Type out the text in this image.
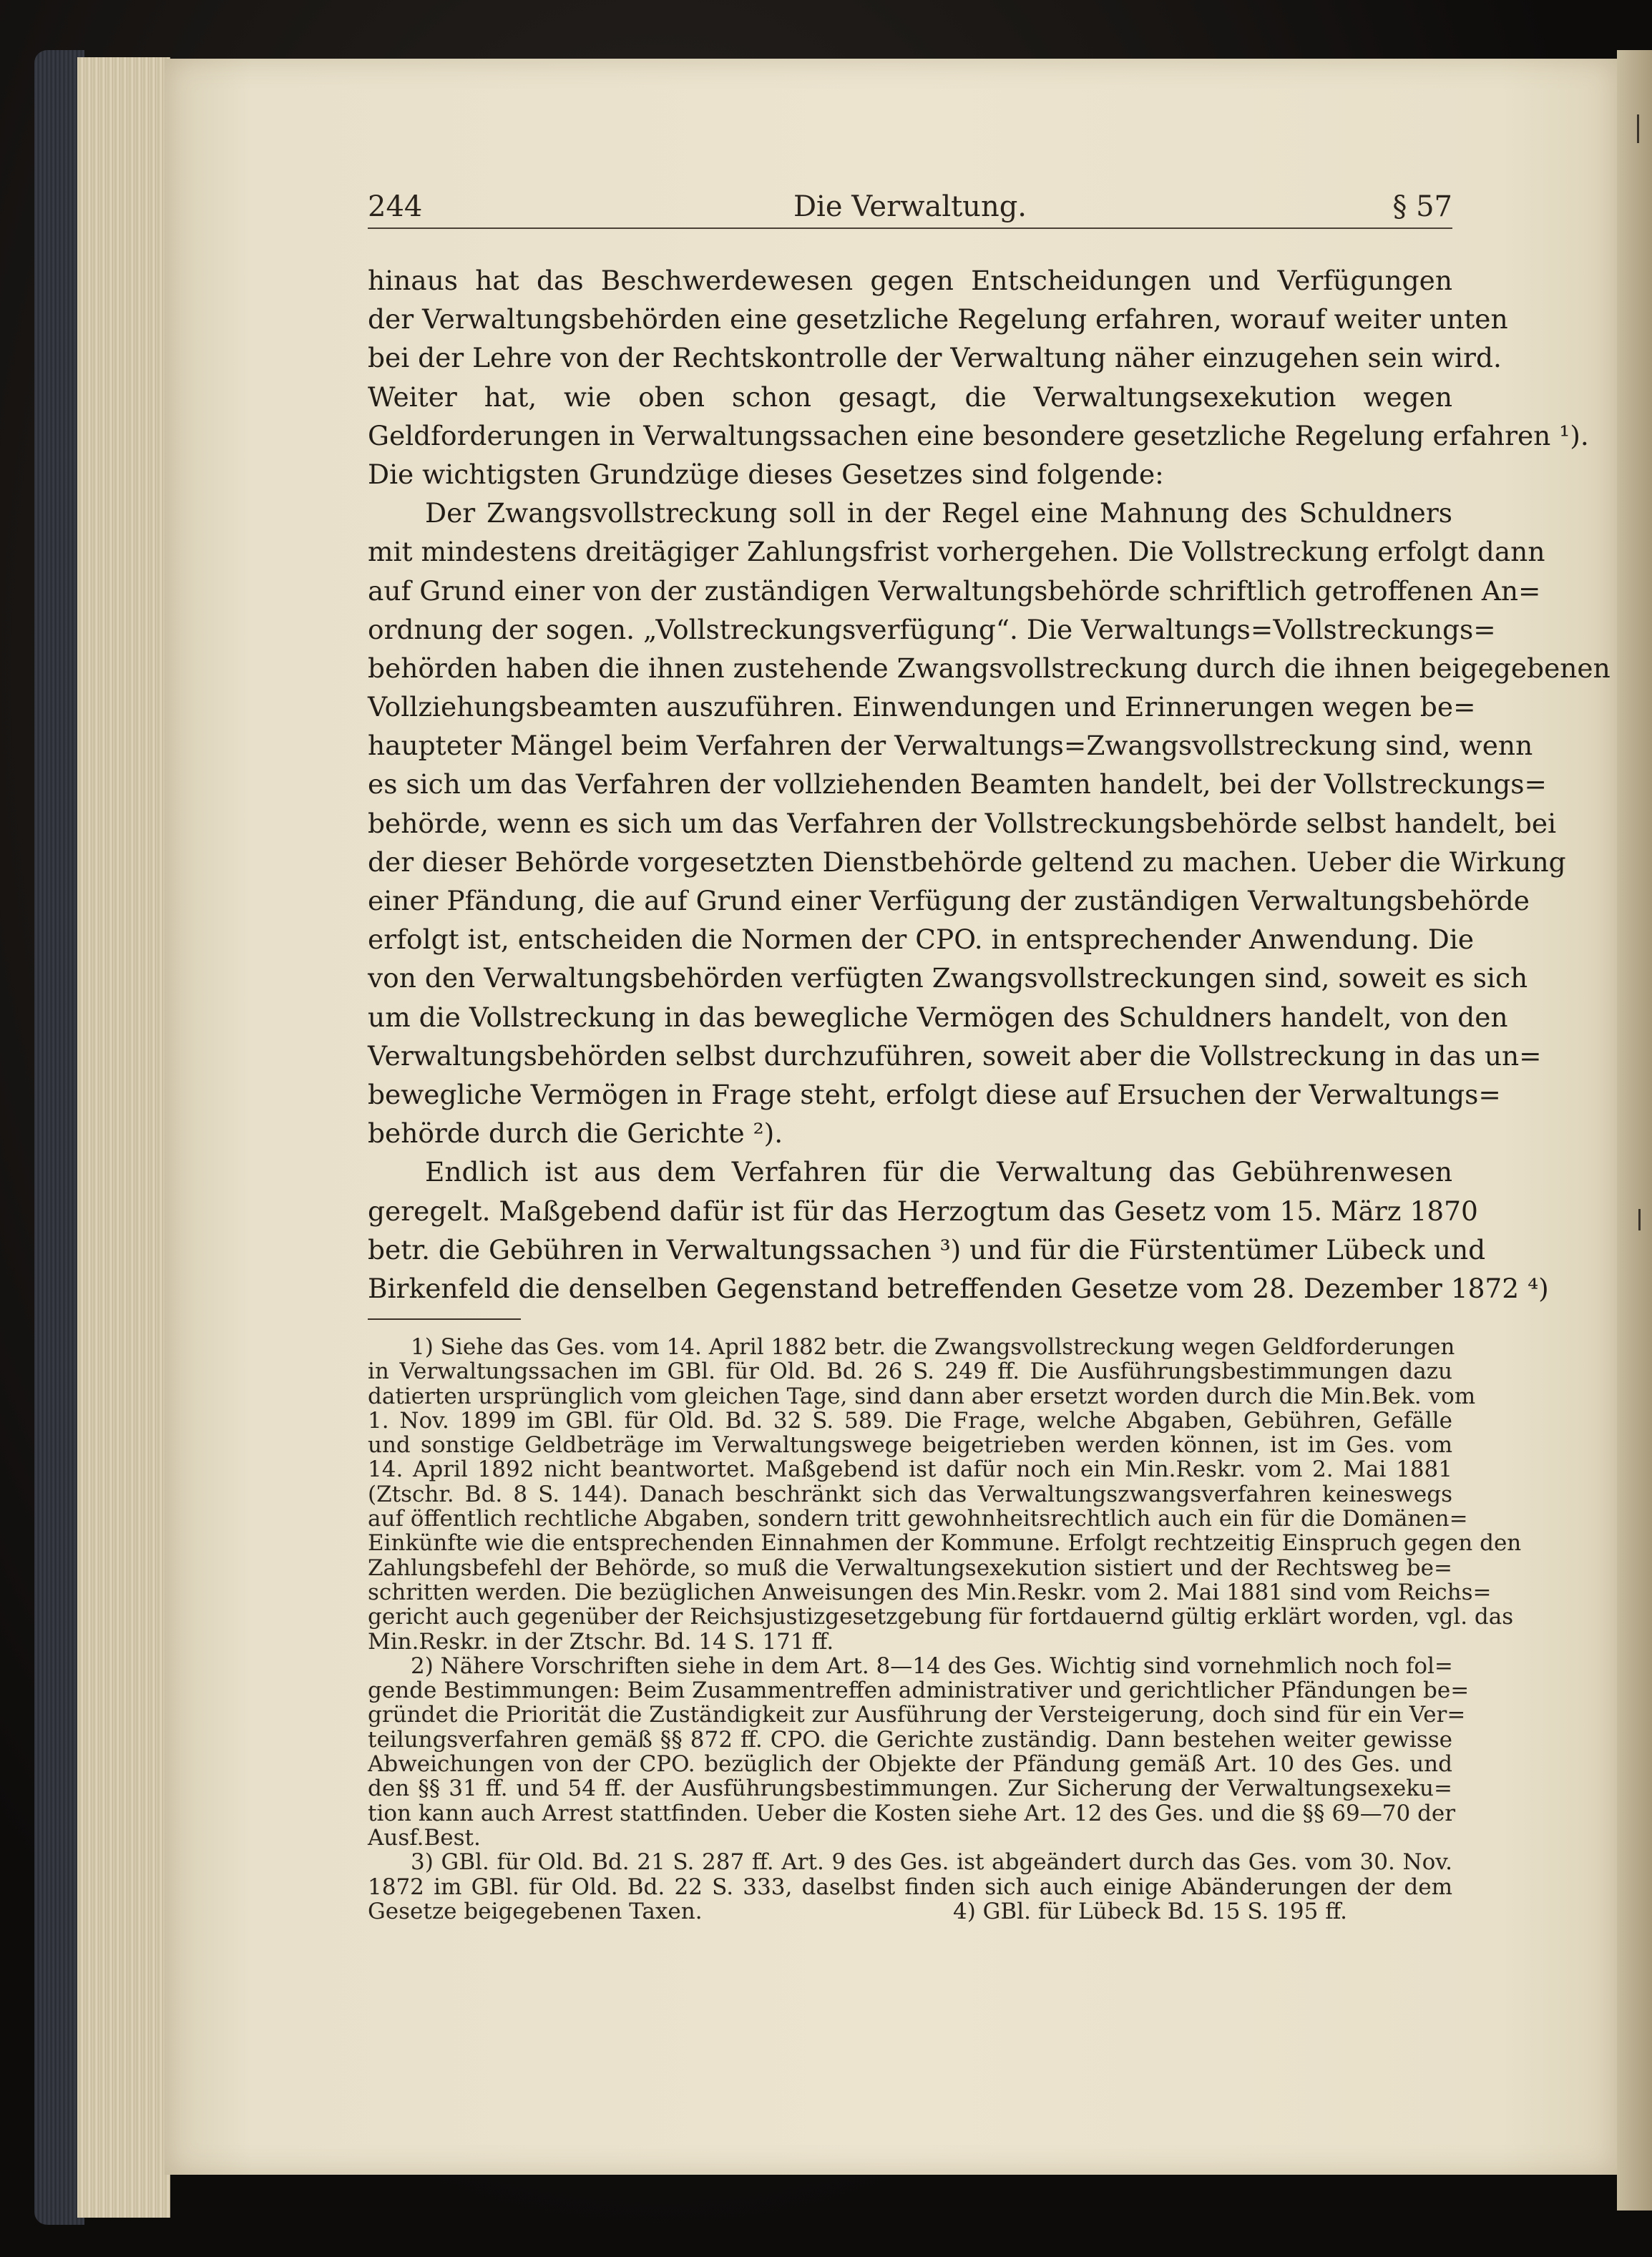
244	Die Verwaltung.	§ 57
hinaus hat das Beschwerdewesen gegen Entscheidungen und Verfügungen
der Verwaltungsbehörden eine gesetzliche Regelung erfahren, worauf weiter unten
bei der Lehre von der Rechtskontrolle der Verwaltung näher einzugehen sein wird.
Weiter hat, wie oben schon gesagt, die Verwaltungsexekution wegen
Geldforderungen in Verwaltungssachen eine besondere gesetzliche Regelung erfahren ¹).
Die wichtigsten Grundzüge dieses Gesetzes sind folgende:
Der Zwangsvollstreckung soll in der Regel eine Mahnung des Schuldners
mit mindestens dreitägiger Zahlungsfrist vorhergehen. Die Vollstreckung erfolgt dann
auf Grund einer von der zuständigen Verwaltungsbehörde schriftlich getroffenen An=
ordnung der sogen. „Vollstreckungsverfügung“. Die Verwaltungs=Vollstreckungs=
behörden haben die ihnen zustehende Zwangsvollstreckung durch die ihnen beigegebenen
Vollziehungsbeamten auszuführen. Einwendungen und Erinnerungen wegen be=
haupteter Mängel beim Verfahren der Verwaltungs=Zwangsvollstreckung sind, wenn
es sich um das Verfahren der vollziehenden Beamten handelt, bei der Vollstreckungs=
behörde, wenn es sich um das Verfahren der Vollstreckungsbehörde selbst handelt, bei
der dieser Behörde vorgesetzten Dienstbehörde geltend zu machen. Ueber die Wirkung
einer Pfändung, die auf Grund einer Verfügung der zuständigen Verwaltungsbehörde
erfolgt ist, entscheiden die Normen der CPO. in entsprechender Anwendung. Die
von den Verwaltungsbehörden verfügten Zwangsvollstreckungen sind, soweit es sich
um die Vollstreckung in das bewegliche Vermögen des Schuldners handelt, von den
Verwaltungsbehörden selbst durchzuführen, soweit aber die Vollstreckung in das un=
bewegliche Vermögen in Frage steht, erfolgt diese auf Ersuchen der Verwaltungs=
behörde durch die Gerichte ²).
Endlich ist aus dem Verfahren für die Verwaltung das Gebührenwesen
geregelt. Maßgebend dafür ist für das Herzogtum das Gesetz vom 15. März 1870
betr. die Gebühren in Verwaltungssachen ³) und für die Fürstentümer Lübeck und
Birkenfeld die denselben Gegenstand betreffenden Gesetze vom 28. Dezember 1872 ⁴)
1) Siehe das Ges. vom 14. April 1882 betr. die Zwangsvollstreckung wegen Geldforderungen
in Verwaltungssachen im GBl. für Old. Bd. 26 S. 249 ff. Die Ausführungsbestimmungen dazu
datierten ursprünglich vom gleichen Tage, sind dann aber ersetzt worden durch die Min.Bek. vom
1. Nov. 1899 im GBl. für Old. Bd. 32 S. 589. Die Frage, welche Abgaben, Gebühren, Gefälle
und sonstige Geldbeträge im Verwaltungswege beigetrieben werden können, ist im Ges. vom
14. April 1892 nicht beantwortet. Maßgebend ist dafür noch ein Min.Reskr. vom 2. Mai 1881
(Ztschr. Bd. 8 S. 144). Danach beschränkt sich das Verwaltungszwangsverfahren keineswegs
auf öffentlich rechtliche Abgaben, sondern tritt gewohnheitsrechtlich auch ein für die Domänen=
Einkünfte wie die entsprechenden Einnahmen der Kommune. Erfolgt rechtzeitig Einspruch gegen den
Zahlungsbefehl der Behörde, so muß die Verwaltungsexekution sistiert und der Rechtsweg be=
schritten werden. Die bezüglichen Anweisungen des Min.Reskr. vom 2. Mai 1881 sind vom Reichs=
gericht auch gegenüber der Reichsjustizgesetzgebung für fortdauernd gültig erklärt worden, vgl. das
Min.Reskr. in der Ztschr. Bd. 14 S. 171 ff.
2) Nähere Vorschriften siehe in dem Art. 8—14 des Ges. Wichtig sind vornehmlich noch fol=
gende Bestimmungen: Beim Zusammentreffen administrativer und gerichtlicher Pfändungen be=
gründet die Priorität die Zuständigkeit zur Ausführung der Versteigerung, doch sind für ein Ver=
teilungsverfahren gemäß §§ 872 ff. CPO. die Gerichte zuständig. Dann bestehen weiter gewisse
Abweichungen von der CPO. bezüglich der Objekte der Pfändung gemäß Art. 10 des Ges. und
den §§ 31 ff. und 54 ff. der Ausführungsbestimmungen. Zur Sicherung der Verwaltungsexeku=
tion kann auch Arrest stattfinden. Ueber die Kosten siehe Art. 12 des Ges. und die §§ 69—70 der
Ausf.Best.
3) GBl. für Old. Bd. 21 S. 287 ff. Art. 9 des Ges. ist abgeändert durch das Ges. vom 30. Nov.
1872 im GBl. für Old. Bd. 22 S. 333, daselbst finden sich auch einige Abänderungen der dem
Gesetze beigegebenen Taxen.	4) GBl. für Lübeck Bd. 15 S. 195 ff.
